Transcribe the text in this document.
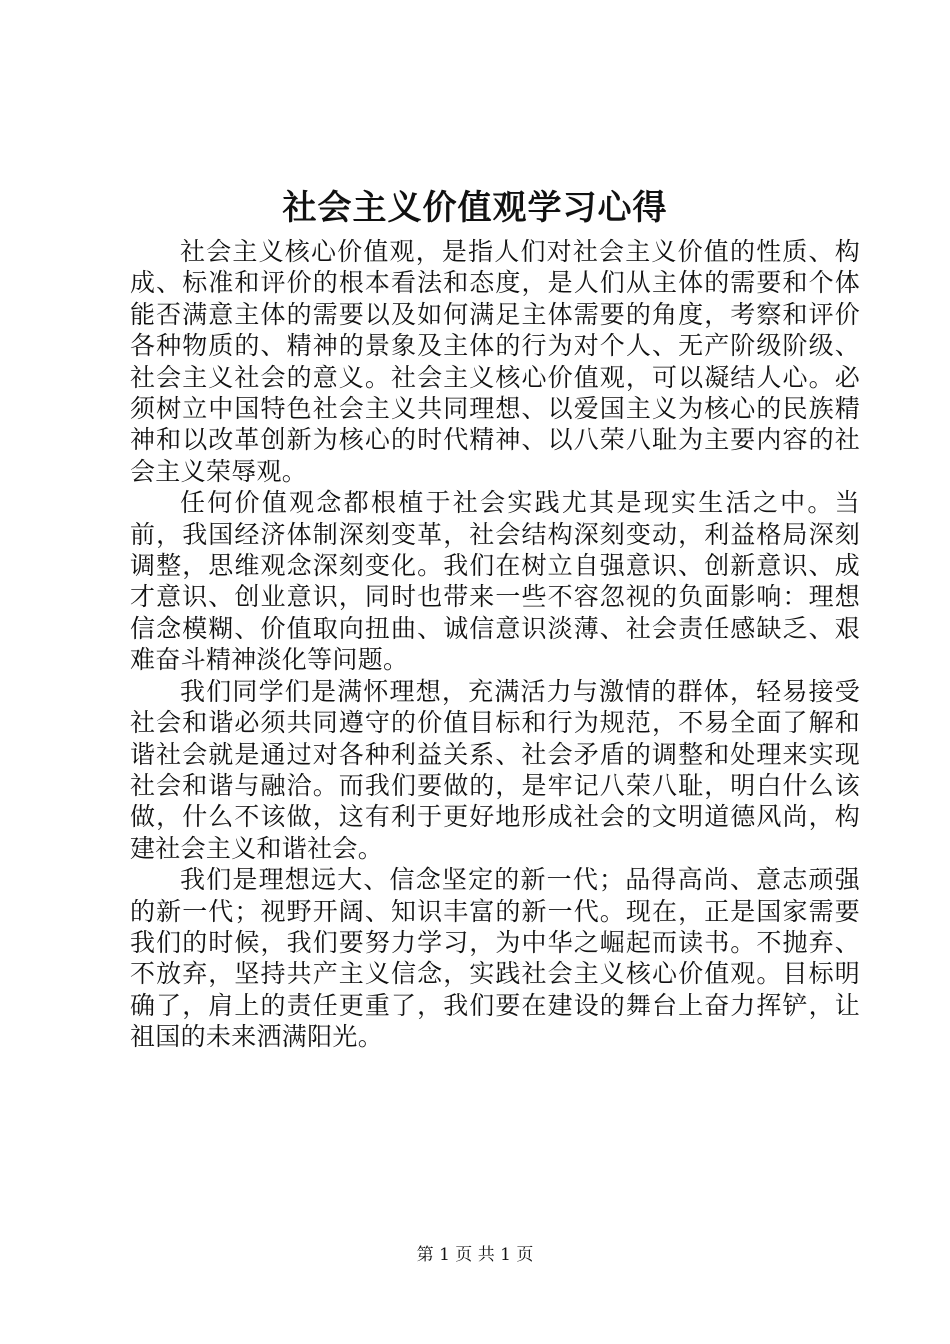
社会主义价值观学习心得

社会主义核心价值观，是指人们对社会主义价值的性质、构成、标准和评价的根本看法和态度，是人们从主体的需要和个体能否满意主体的需要以及如何满足主体需要的角度，考察和评价各种物质的、精神的景象及主体的行为对个人、无产阶级阶级、社会主义社会的意义。社会主义核心价值观，可以凝结人心。必须树立中国特色社会主义共同理想、以爱国主义为核心的民族精神和以改革创新为核心的时代精神、以八荣八耻为主要内容的社会主义荣辱观。

任何价值观念都根植于社会实践尤其是现实生活之中。当前，我国经济体制深刻变革，社会结构深刻变动，利益格局深刻调整，思维观念深刻变化。我们在树立自强意识、创新意识、成才意识、创业意识，同时也带来一些不容忽视的负面影响：理想信念模糊、价值取向扭曲、诚信意识淡薄、社会责任感缺乏、艰难奋斗精神淡化等问题。

我们同学们是满怀理想，充满活力与激情的群体，轻易接受社会和谐必须共同遵守的价值目标和行为规范，不易全面了解和谐社会就是通过对各种利益关系、社会矛盾的调整和处理来实现社会和谐与融洽。而我们要做的，是牢记八荣八耻，明白什么该做，什么不该做，这有利于更好地形成社会的文明道德风尚，构建社会主义和谐社会。

我们是理想远大、信念坚定的新一代；品得高尚、意志顽强的新一代；视野开阔、知识丰富的新一代。现在，正是国家需要我们的时候，我们要努力学习，为中华之崛起而读书。不抛弃、不放弃，坚持共产主义信念，实践社会主义核心价值观。目标明确了，肩上的责任更重了，我们要在建设的舞台上奋力挥铲，让祖国的未来洒满阳光。

第 1 页 共 1 页
